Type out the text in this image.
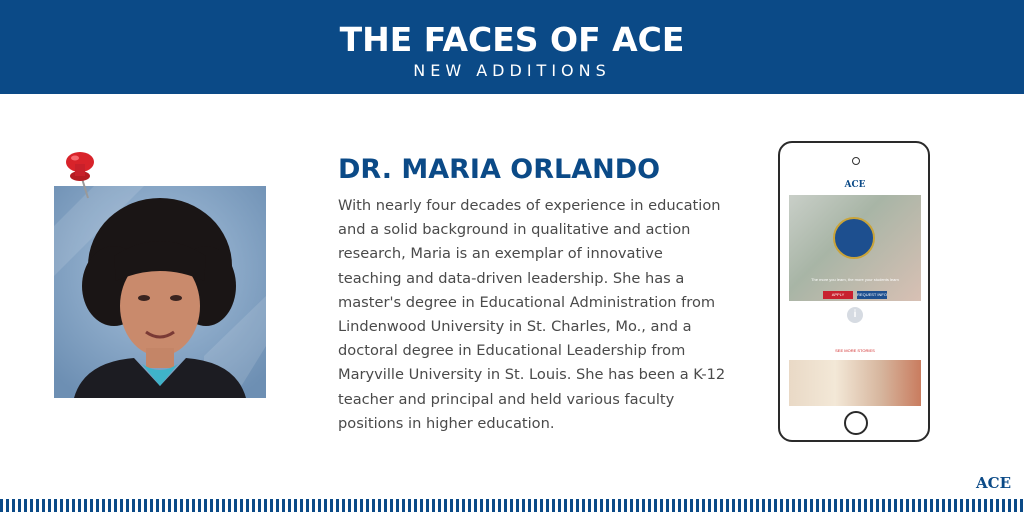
THE FACES OF ACE
NEW ADDITIONS
DR. MARIA ORLANDO
With nearly four decades of experience in education and a solid background in qualitative and action research, Maria is an exemplar of innovative teaching and data-driven leadership. She has a master's degree in Educational Administration from Lindenwood University in St. Charles, Mo., and a doctoral degree in Educational Leadership from Maryville University in St. Louis. She has been a K-12 teacher and principal and held various faculty positions in higher education.
ACE
The more you learn, the more your students learn
APPLY	REQUEST INFO
i
SEE MORE STORIES
ACE
